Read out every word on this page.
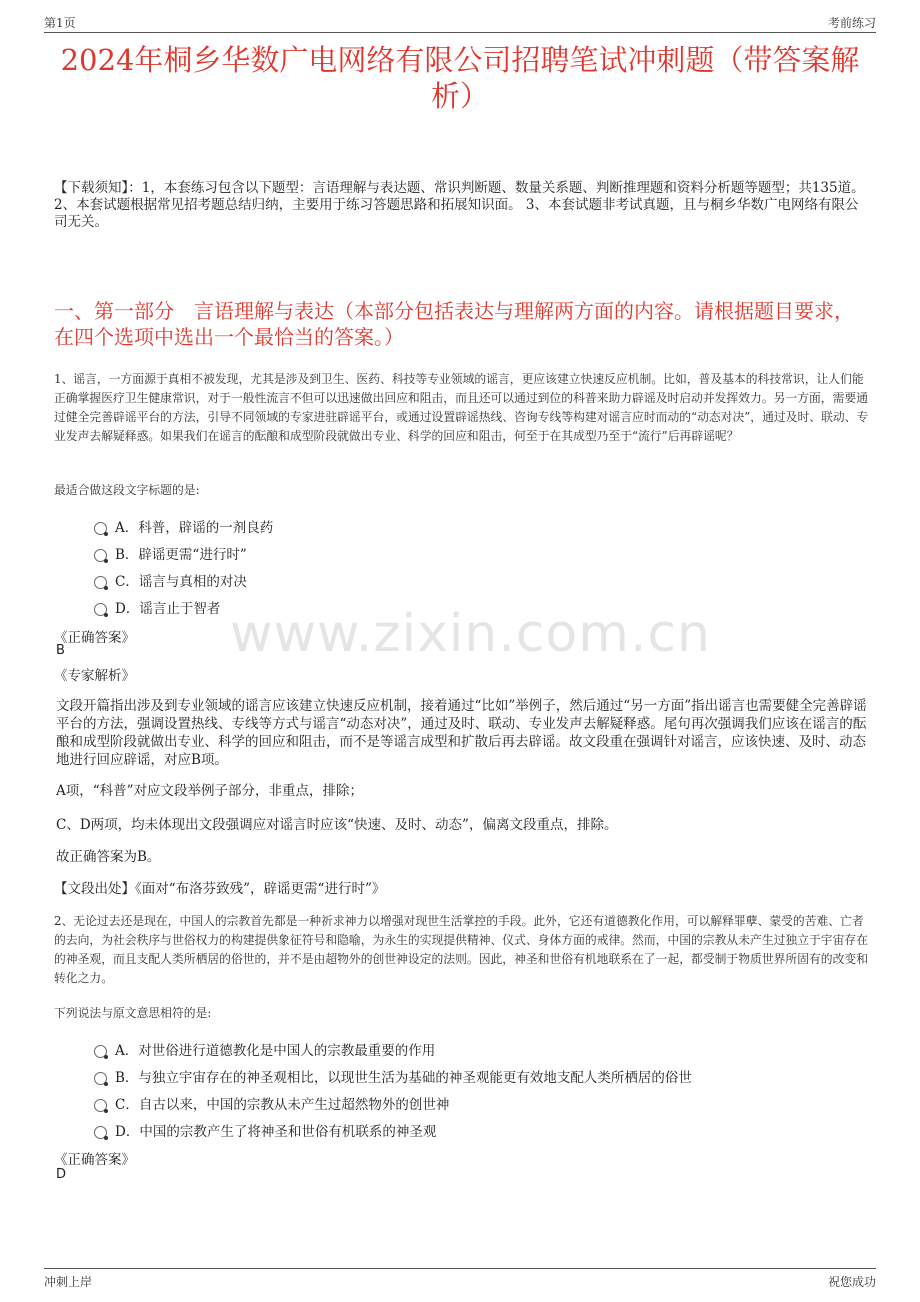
第1页	考前练习
2024年桐乡华数广电网络有限公司招聘笔试冲刺题（带答案解析）
【下载须知】：1，本套练习包含以下题型：言语理解与表达题、常识判断题、数量关系题、判断推理题和资料分析题等题型；共135道。 2、本套试题根据常见招考题总结归纳，主要用于练习答题思路和拓展知识面。 3、本套试题非考试真题，且与桐乡华数广电网络有限公司无关。
一、第一部分　言语理解与表达（本部分包括表达与理解两方面的内容。请根据题目要求，在四个选项中选出一个最恰当的答案。）
1、谣言，一方面源于真相不被发现，尤其是涉及到卫生、医药、科技等专业领域的谣言，更应该建立快速反应机制。比如，普及基本的科技常识，让人们能正确掌握医疗卫生健康常识，对于一般性流言不但可以迅速做出回应和阻击，而且还可以通过到位的科普来助力辟谣及时启动并发挥效力。另一方面，需要通过健全完善辟谣平台的方法，引导不同领域的专家进驻辟谣平台，或通过设置辟谣热线、咨询专线等构建对谣言应时而动的“动态对决”，通过及时、联动、专业发声去解疑释惑。如果我们在谣言的酝酿和成型阶段就做出专业、科学的回应和阻击，何至于在其成型乃至于“流行”后再辟谣呢？
最适合做这段文字标题的是:
A．科普，辟谣的一剂良药
B．辟谣更需“进行时”
C．谣言与真相的对决
D．谣言止于智者 www.zixin.com.cn
《正确答案》
B
《专家解析》
文段开篇指出涉及到专业领域的谣言应该建立快速反应机制，接着通过“比如”举例子，然后通过“另一方面”指出谣言也需要健全完善辟谣平台的方法，强调设置热线、专线等方式与谣言“动态对决”，通过及时、联动、专业发声去解疑释惑。尾句再次强调我们应该在谣言的酝酿和成型阶段就做出专业、科学的回应和阻击，而不是等谣言成型和扩散后再去辟谣。故文段重在强调针对谣言，应该快速、及时、动态地进行回应辟谣，对应B项。
A项，“科普”对应文段举例子部分，非重点，排除；
C、D两项，均未体现出文段强调应对谣言时应该“快速、及时、动态”，偏离文段重点，排除。
故正确答案为B。
【文段出处】《面对“布洛芬致残”，辟谣更需“进行时”》
2、无论过去还是现在，中国人的宗教首先都是一种祈求神力以增强对现世生活掌控的手段。此外，它还有道德教化作用，可以解释罪孽、蒙受的苦难、亡者的去向，为社会秩序与世俗权力的构建提供象征符号和隐喻，为永生的实现提供精神、仪式、身体方面的戒律。然而，中国的宗教从未产生过独立于宇宙存在的神圣观，而且支配人类所栖居的俗世的，并不是由超物外的创世神设定的法则。因此，神圣和世俗有机地联系在了一起，都受制于物质世界所固有的改变和转化之力。
下列说法与原文意思相符的是:
A．对世俗进行道德教化是中国人的宗教最重要的作用
B．与独立宇宙存在的神圣观相比，以现世生活为基础的神圣观能更有效地支配人类所栖居的俗世
C．自古以来，中国的宗教从未产生过超然物外的创世神
D．中国的宗教产生了将神圣和世俗有机联系的神圣观
《正确答案》
D
冲刺上岸	祝您成功
